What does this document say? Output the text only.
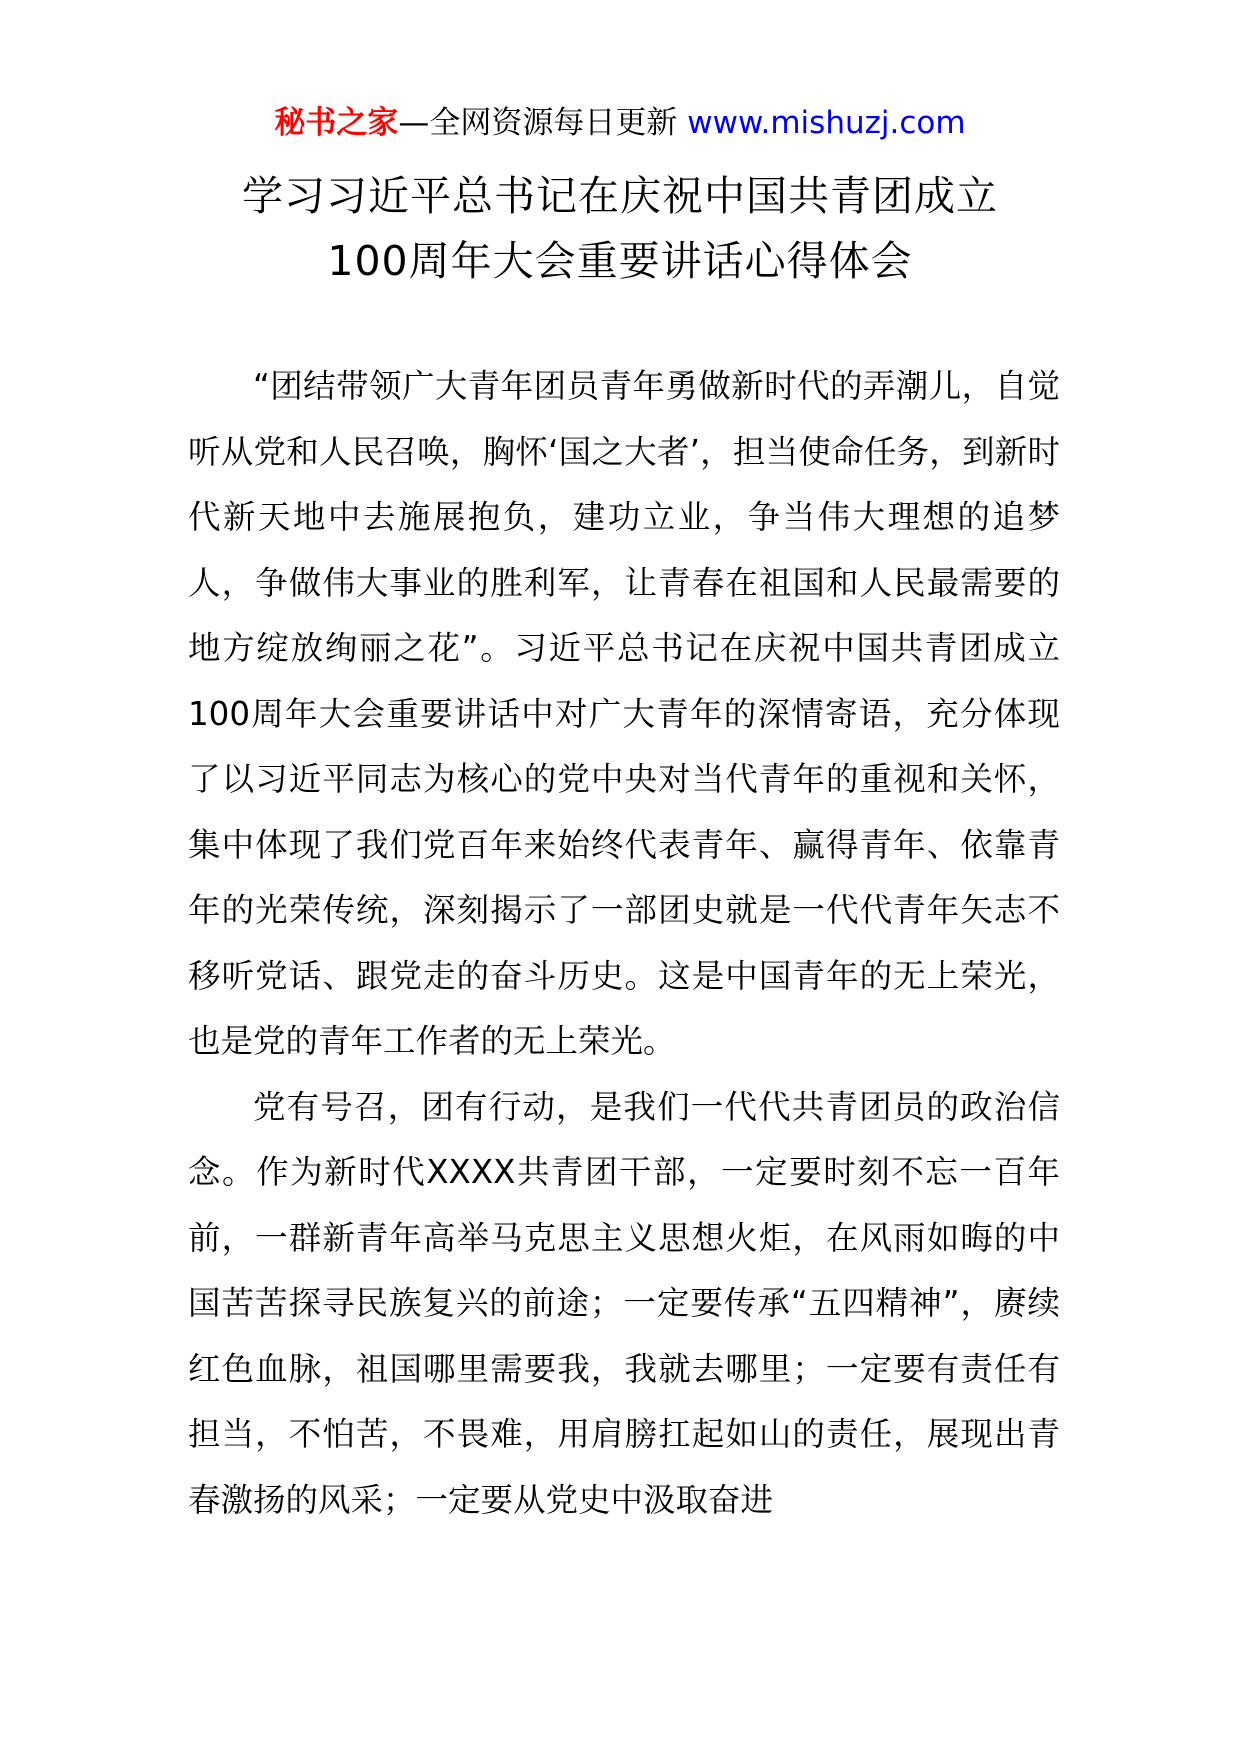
秘书之家—全网资源每日更新 www.mishuzj.com
学习习近平总书记在庆祝中国共青团成立
100周年大会重要讲话心得体会

“团结带领广大青年团员青年勇做新时代的弄潮儿，自觉听从党和人民召唤，胸怀‘国之大者’，担当使命任务，到新时代新天地中去施展抱负，建功立业，争当伟大理想的追梦人，争做伟大事业的胜利军，让青春在祖国和人民最需要的地方绽放绚丽之花”。习近平总书记在庆祝中国共青团成立100周年大会重要讲话中对广大青年的深情寄语，充分体现了以习近平同志为核心的党中央对当代青年的重视和关怀，集中体现了我们党百年来始终代表青年、赢得青年、依靠青年的光荣传统，深刻揭示了一部团史就是一代代青年矢志不移听党话、跟党走的奋斗历史。这是中国青年的无上荣光，也是党的青年工作者的无上荣光。

党有号召，团有行动，是我们一代代共青团员的政治信念。作为新时代XXXX共青团干部，一定要时刻不忘一百年前，一群新青年高举马克思主义思想火炬，在风雨如晦的中国苦苦探寻民族复兴的前途；一定要传承“五四精神”，赓续红色血脉，祖国哪里需要我，我就去哪里；一定要有责任有担当，不怕苦，不畏难，用肩膀扛起如山的责任，展现出青春激扬的风采；一定要从党史中汲取奋进
